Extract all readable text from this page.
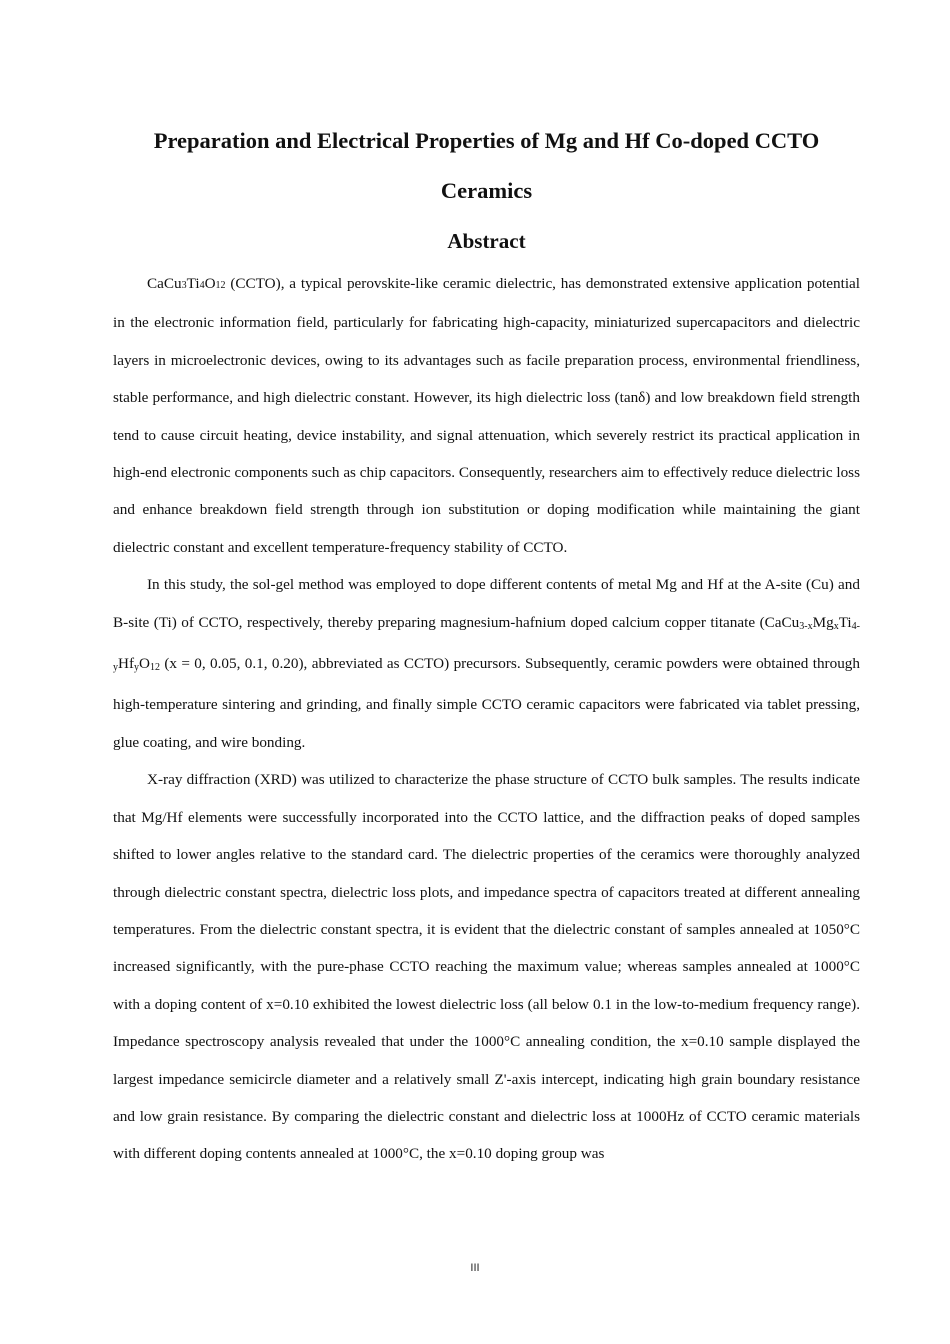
Preparation and Electrical Properties of Mg and Hf Co-doped CCTO Ceramics
Abstract

CaCu3Ti4O12 (CCTO), a typical perovskite-like ceramic dielectric, has demonstrated extensive application potential in the electronic information field, particularly for fabricating high-capacity, miniaturized supercapacitors and dielectric layers in microelectronic devices, owing to its advantages such as facile preparation process, environmental friendliness, stable performance, and high dielectric constant. However, its high dielectric loss (tanδ) and low breakdown field strength tend to cause circuit heating, device instability, and signal attenuation, which severely restrict its practical application in high-end electronic components such as chip capacitors. Consequently, researchers aim to effectively reduce dielectric loss and enhance breakdown field strength through ion substitution or doping modification while maintaining the giant dielectric constant and excellent temperature-frequency stability of CCTO.

In this study, the sol-gel method was employed to dope different contents of metal Mg and Hf at the A-site (Cu) and B-site (Ti) of CCTO, respectively, thereby preparing magnesium-hafnium doped calcium copper titanate ($CaCu_{3-x}Mg_xTi_{4-y}Hf_yO_{12}$ (x = 0, 0.05, 0.1, 0.20), abbreviated as CCTO) precursors. Subsequently, ceramic powders were obtained through high-temperature sintering and grinding, and finally simple CCTO ceramic capacitors were fabricated via tablet pressing, glue coating, and wire bonding.

X-ray diffraction (XRD) was utilized to characterize the phase structure of CCTO bulk samples. The results indicate that Mg/Hf elements were successfully incorporated into the CCTO lattice, and the diffraction peaks of doped samples shifted to lower angles relative to the standard card. The dielectric properties of the ceramics were thoroughly analyzed through dielectric constant spectra, dielectric loss plots, and impedance spectra of capacitors treated at different annealing temperatures. From the dielectric constant spectra, it is evident that the dielectric constant of samples annealed at 1050°C increased significantly, with the pure-phase CCTO reaching the maximum value; whereas samples annealed at 1000°C with a doping content of x=0.10 exhibited the lowest dielectric loss (all below 0.1 in the low-to-medium frequency range). Impedance spectroscopy analysis revealed that under the 1000°C annealing condition, the x=0.10 sample displayed the largest impedance semicircle diameter and a relatively small Z'-axis intercept, indicating high grain boundary resistance and low grain resistance. By comparing the dielectric constant and dielectric loss at 1000Hz of CCTO ceramic materials with different doping contents annealed at 1000°C, the x=0.10 doping group was

III
